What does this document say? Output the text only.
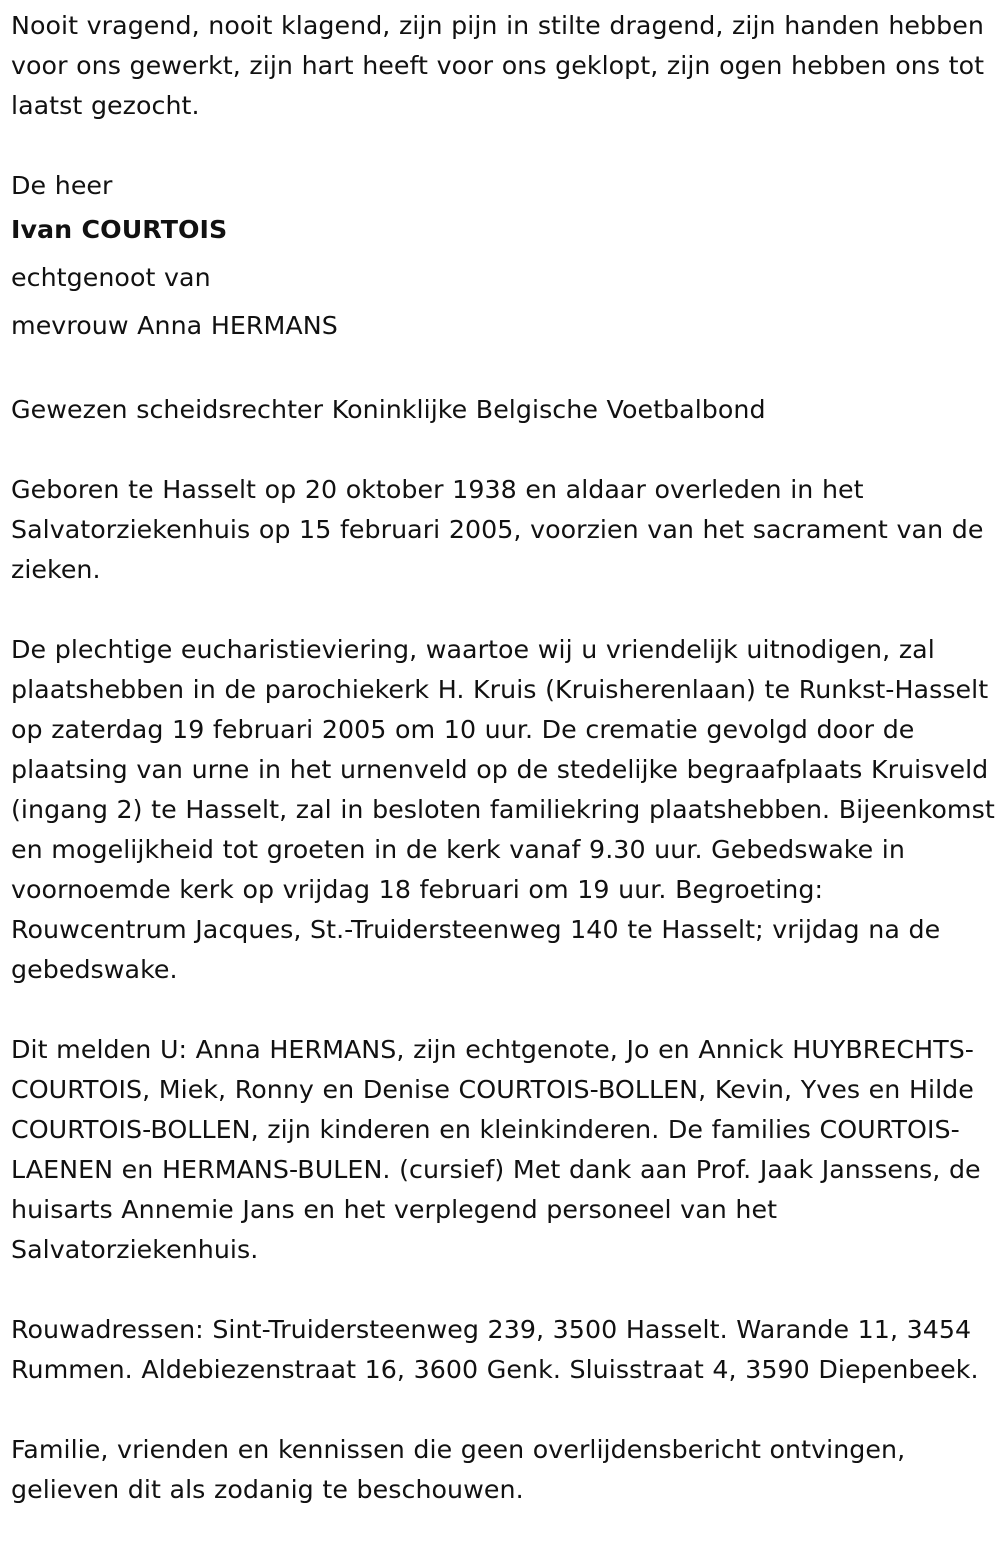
Nooit vragend, nooit klagend, zijn pijn in stilte dragend, zijn handen hebben voor ons gewerkt, zijn hart heeft voor ons geklopt, zijn ogen hebben ons tot laatst gezocht.

De heer

Ivan COURTOIS

echtgenoot van

mevrouw Anna HERMANS

Gewezen scheidsrechter Koninklijke Belgische Voetbalbond

Geboren te Hasselt op 20 oktober 1938 en aldaar overleden in het Salvatorziekenhuis op 15 februari 2005, voorzien van het sacrament van de zieken.

De plechtige eucharistieviering, waartoe wij u vriendelijk uitnodigen, zal plaatshebben in de parochiekerk H. Kruis (Kruisherenlaan) te Runkst-Hasselt op zaterdag 19 februari 2005 om 10 uur. De crematie gevolgd door de plaatsing van urne in het urnenveld op de stedelijke begraafplaats Kruisveld (ingang 2) te Hasselt, zal in besloten familiekring plaatshebben. Bijeenkomst en mogelijkheid tot groeten in de kerk vanaf 9.30 uur. Gebedswake in voornoemde kerk op vrijdag 18 februari om 19 uur. Begroeting: Rouwcentrum Jacques, St.-Truidersteenweg 140 te Hasselt; vrijdag na de gebedswake.

Dit melden U: Anna HERMANS, zijn echtgenote, Jo en Annick HUYBRECHTS-COURTOIS, Miek, Ronny en Denise COURTOIS-BOLLEN, Kevin, Yves en Hilde COURTOIS-BOLLEN, zijn kinderen en kleinkinderen. De families COURTOIS-LAENEN en HERMANS-BULEN. (cursief) Met dank aan Prof. Jaak Janssens, de huisarts Annemie Jans en het verplegend personeel van het Salvatorziekenhuis.

Rouwadressen: Sint-Truidersteenweg 239, 3500 Hasselt. Warande 11, 3454 Rummen. Aldebiezenstraat 16, 3600 Genk. Sluisstraat 4, 3590 Diepenbeek.

Familie, vrienden en kennissen die geen overlijdensbericht ontvingen, gelieven dit als zodanig te beschouwen.
